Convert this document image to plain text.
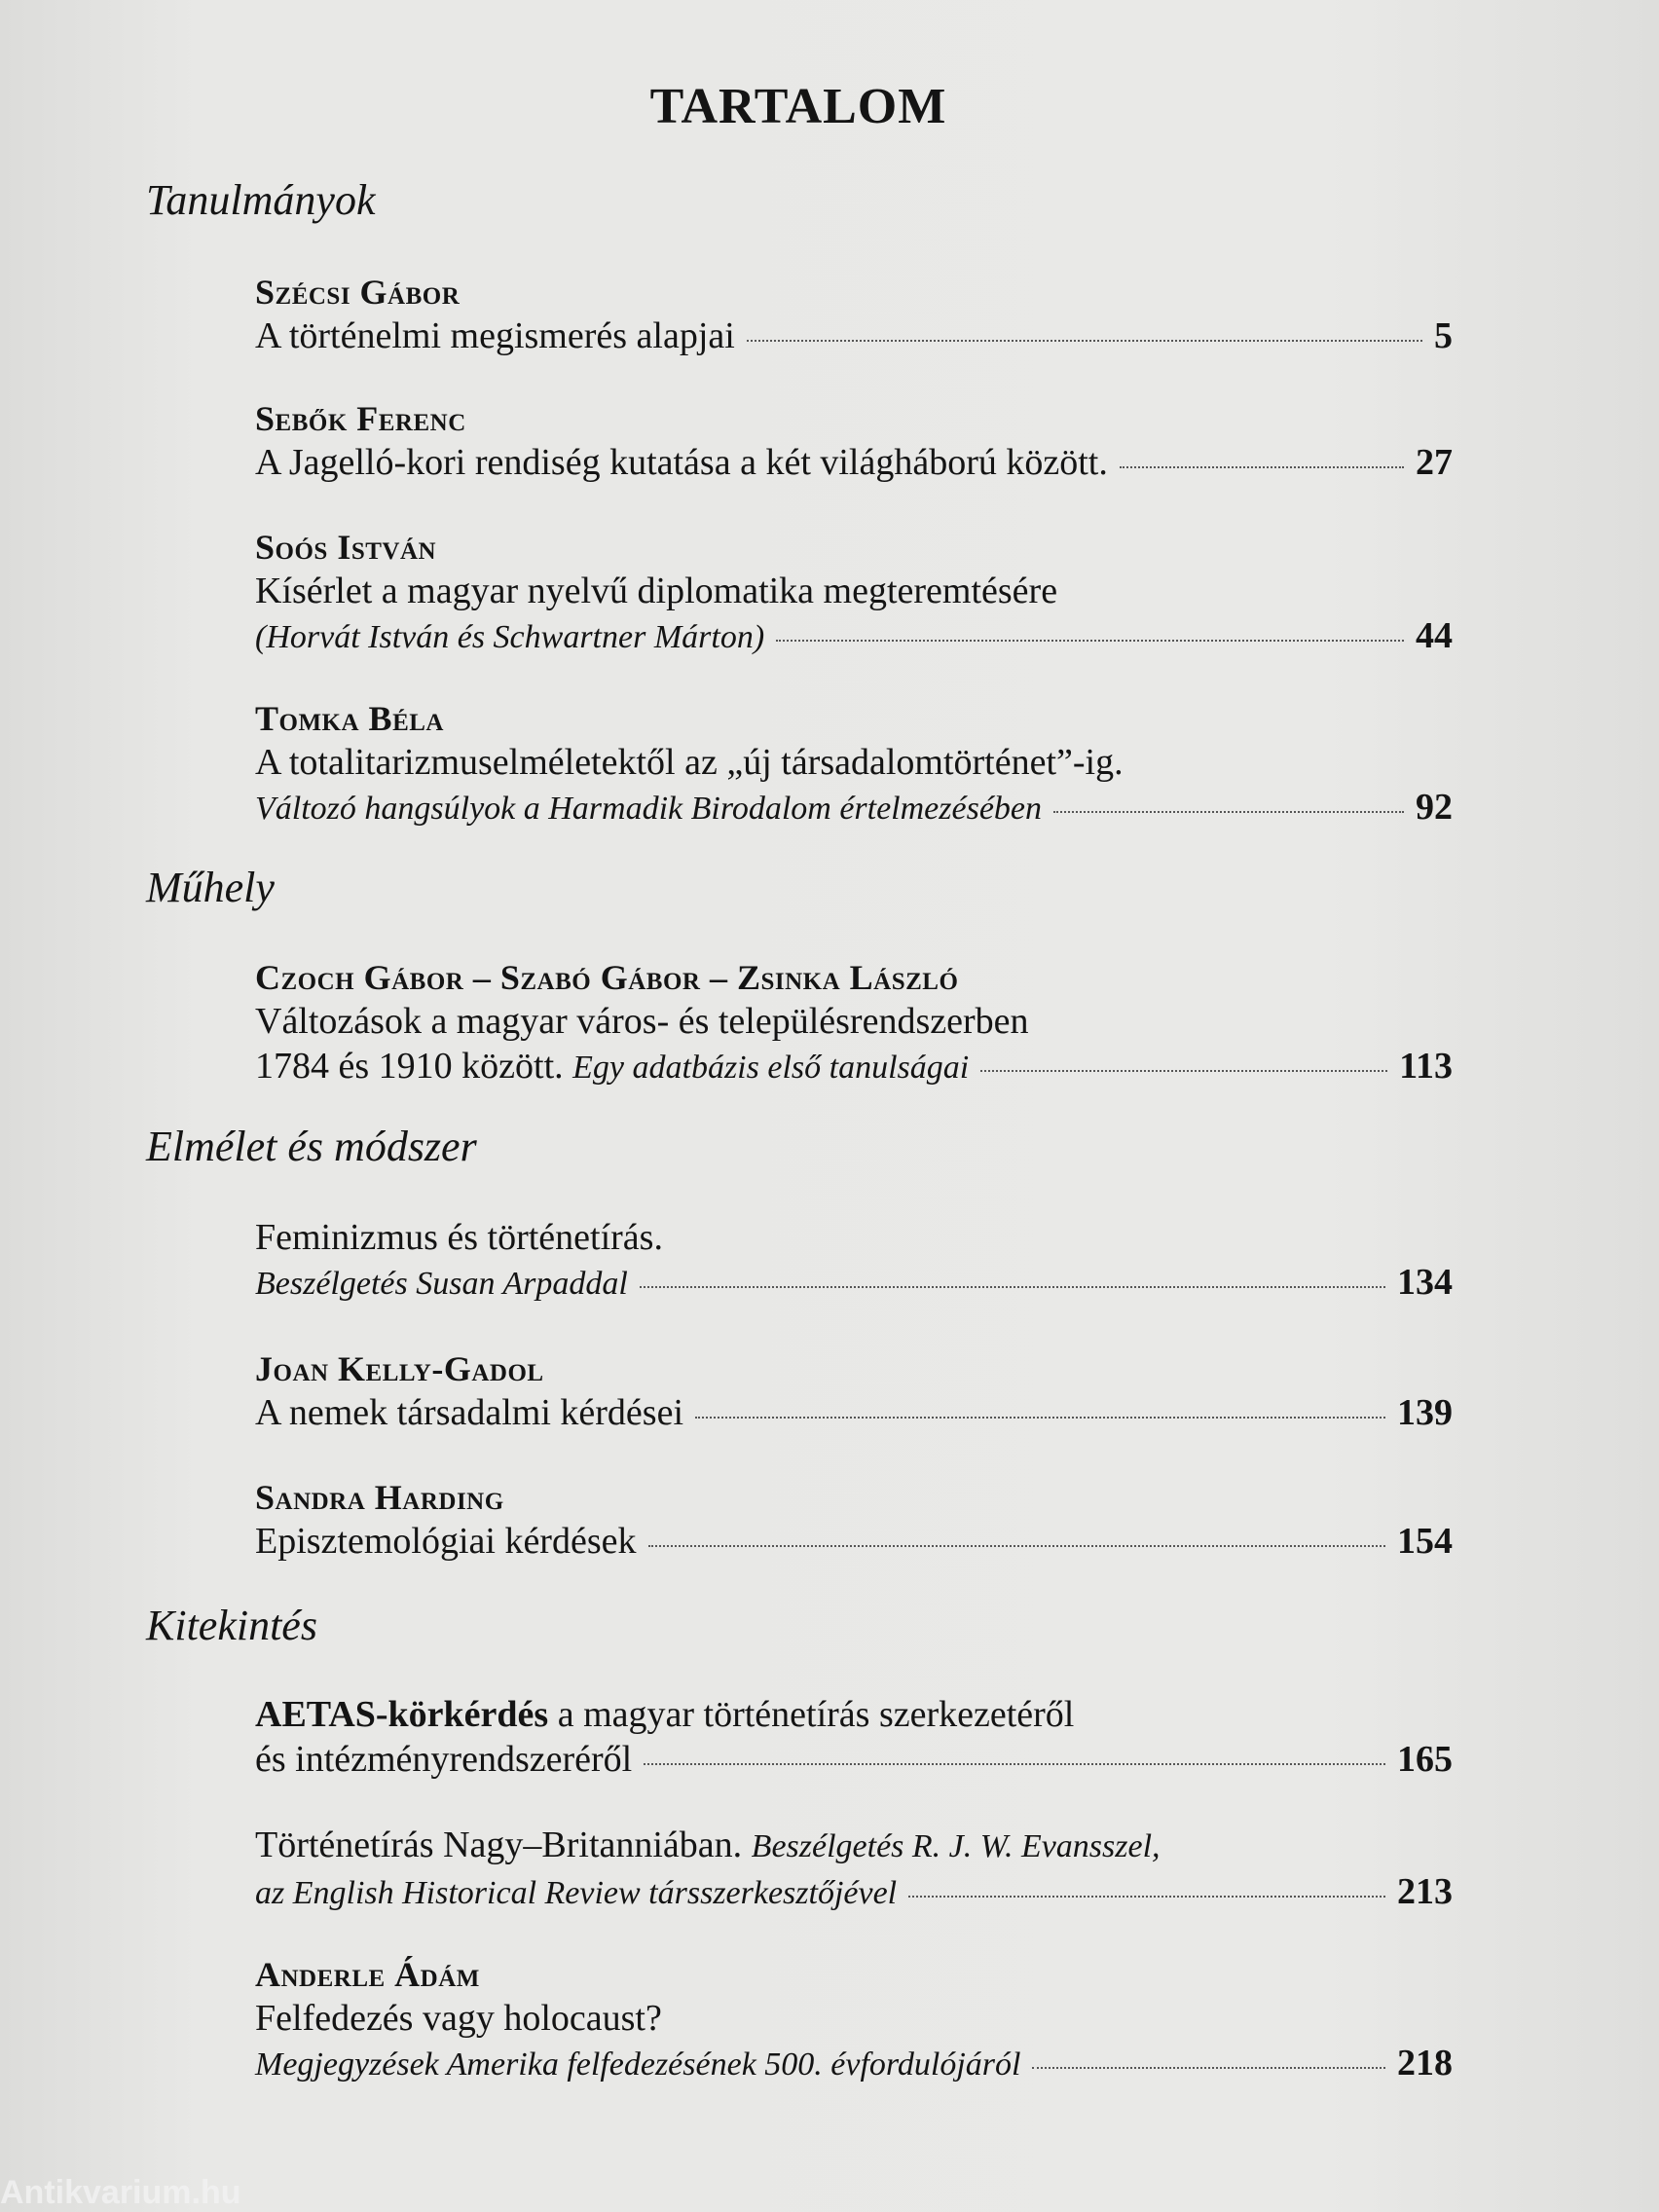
TARTALOM
Tanulmányok
Szécsi Gábor
A történelmi megismerés alapjai	5
Sebők Ferenc
A Jagelló-kori rendiség kutatása a két világháború között.	27
Soós István
Kísérlet a magyar nyelvű diplomatika megteremtésére
(Horvát István és Schwartner Márton)	44
Tomka Béla
A totalitarizmuselméletektől az „új társadalomtörténet”-ig.
Változó hangsúlyok a Harmadik Birodalom értelmezésében	92
Műhely
Czoch Gábor – Szabó Gábor – Zsinka László
Változások a magyar város- és településrendszerben
1784 és 1910 között. Egy adatbázis első tanulságai	113
Elmélet és módszer
Feminizmus és történetírás.
Beszélgetés Susan Arpaddal	134
Joan Kelly-Gadol
A nemek társadalmi kérdései	139
Sandra Harding
Episztemológiai kérdések	154
Kitekintés
AETAS-körkérdés a magyar történetírás szerkezetéről
és intézményrendszeréről	165
Történetírás Nagy–Britanniában. Beszélgetés R. J. W. Evansszel,
az English Historical Review társszerkesztőjével	213
Anderle Ádám
Felfedezés vagy holocaust?
Megjegyzések Amerika felfedezésének 500. évfordulójáról	218
Antikvarium.hu
